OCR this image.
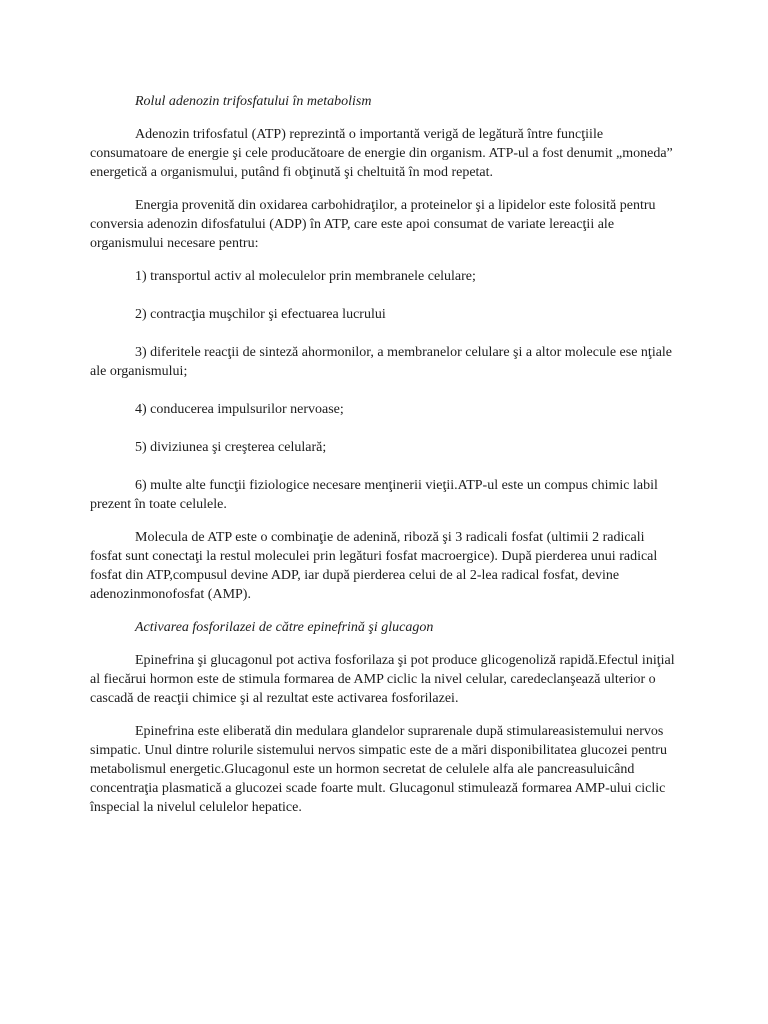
Rolul adenozin trifosfatului în metabolism

Adenozin trifosfatul (ATP) reprezintă o importantă verigă de legătură între funcţiile consumatoare de energie şi cele producătoare de energie din organism. ATP-ul a fost denumit „moneda” energetică a organismului, putând fi obţinută şi cheltuită în mod repetat.

Energia provenită din oxidarea carbohidraţilor, a proteinelor şi a lipidelor este folosită pentru conversia adenozin difosfatului (ADP) în ATP, care este apoi consumat de variate lereacţii ale organismului necesare pentru:

1) transportul activ al moleculelor prin membranele celulare;

2) contracţia muşchilor şi efectuarea lucrului

3) diferitele reacţii de sinteză ahormonilor, a membranelor celulare şi a altor molecule ese nţiale ale organismului;

4) conducerea impulsurilor nervoase;

5) diviziunea şi creşterea celulară;

6) multe alte funcţii fiziologice necesare menţinerii vieţii.ATP-ul este un compus chimic labil prezent în toate celulele.

Molecula de ATP este o combinaţie de adenină, riboză şi 3 radicali fosfat (ultimii 2 radicali fosfat sunt conectaţi la restul moleculei prin legături fosfat macroergice). După pierderea unui radical fosfat din ATP,compusul devine ADP, iar după pierderea celui de al 2-lea radical fosfat, devine adenozinmonofosfat (AMP).

Activarea fosforilazei de către epinefrină şi glucagon

Epinefrina şi glucagonul pot activa fosforilaza şi pot produce glicogenoliză rapidă.Efectul iniţial al fiecărui hormon este de stimula formarea de AMP ciclic la nivel celular, caredeclanşează ulterior o cascadă de reacţii chimice şi al rezultat este activarea fosforilazei.

Epinefrina este eliberată din medulara glandelor suprarenale după stimulareasistemului nervos simpatic. Unul dintre rolurile sistemului nervos simpatic este de a mări disponibilitatea glucozei pentru metabolismul energetic.Glucagonul este un hormon secretat de celulele alfa ale pancreasuluicând concentraţia plasmatică a glucozei scade foarte mult. Glucagonul stimulează formarea AMP-ului ciclic înspecial la nivelul celulelor hepatice.
